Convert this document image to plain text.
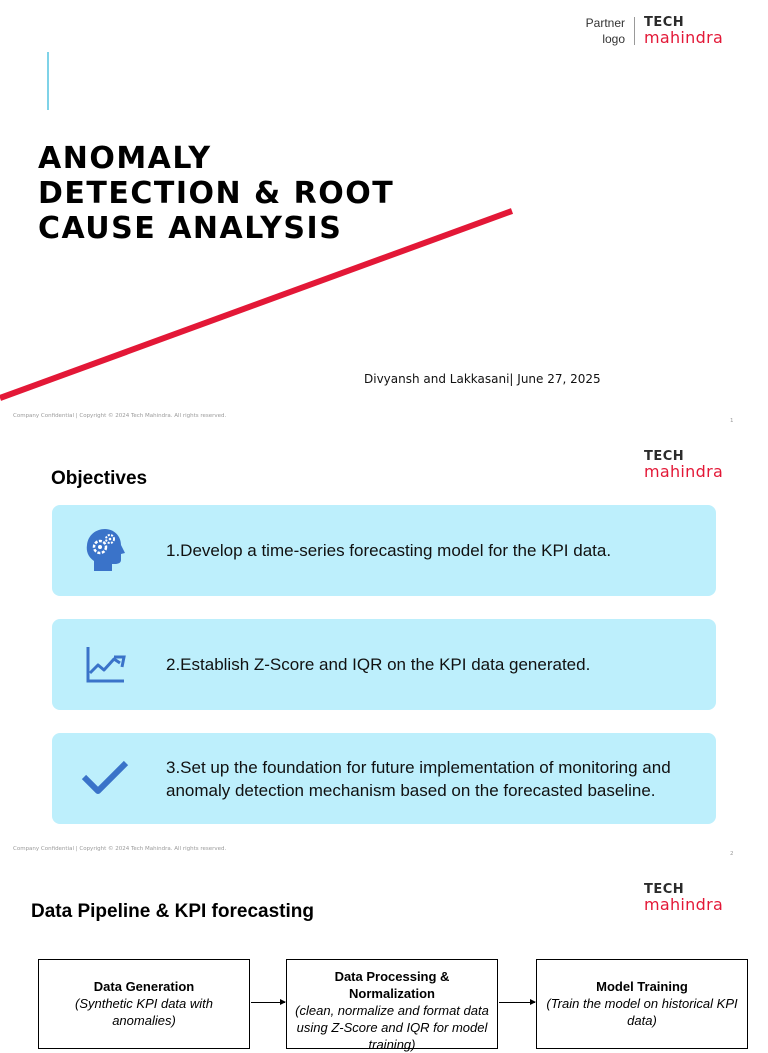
Partner
logo
TECH
mahindra
ANOMALY
DETECTION & ROOT
CAUSE ANALYSIS
Divyansh and Lakkasani| June 27, 2025
Company Confidential | Copyright © 2024 Tech Mahindra. All rights reserved.
1
TECH
mahindra
Objectives
1.Develop a time-series forecasting model for the KPI data.
2.Establish Z-Score and IQR on the KPI data generated.
3.Set up the foundation for future implementation of monitoring and anomaly detection mechanism based on the forecasted baseline.
Company Confidential | Copyright © 2024 Tech Mahindra. All rights reserved.
2
TECH
mahindra
Data Pipeline & KPI forecasting
Data Generation
(Synthetic KPI data with anomalies)
Data Processing & Normalization
(clean, normalize and format data using Z-Score and IQR for model training)
Model Training
(Train the model on historical KPI data)
